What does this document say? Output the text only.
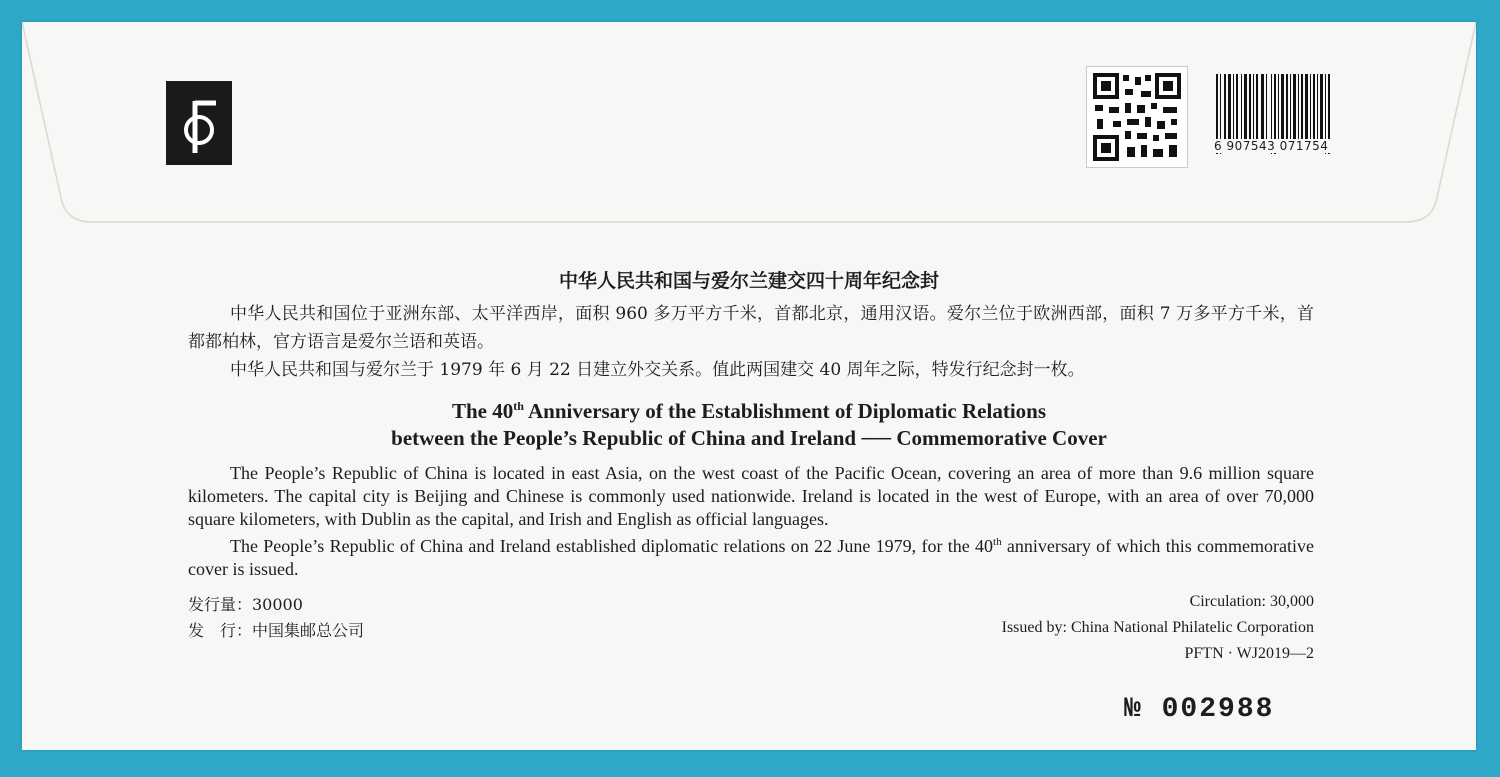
6 907543 071754
中华人民共和国与爱尔兰建交四十周年纪念封
中华人民共和国位于亚洲东部、太平洋西岸，面积 960 多万平方千米，首都北京，通用汉语。爱尔兰位于欧洲西部，面积 7 万多平方千米，首都都柏林，官方语言是爱尔兰语和英语。
中华人民共和国与爱尔兰于 1979 年 6 月 22 日建立外交关系。值此两国建交 40 周年之际，特发行纪念封一枚。
The 40th Anniversary of the Establishment of Diplomatic Relations
between the People’s Republic of China and Ireland ── Commemorative Cover
The People’s Republic of China is located in east Asia, on the west coast of the Pacific Ocean, covering an area of more than 9.6 million square kilometers. The capital city is Beijing and Chinese is commonly used nationwide. Ireland is located in the west of Europe, with an area of over 70,000 square kilometers, with Dublin as the capital, and Irish and English as official languages.
The People’s Republic of China and Ireland established diplomatic relations on 22 June 1979, for the 40th anniversary of which this commemorative cover is issued.
发行量：30000
发　行：中国集邮总公司
Circulation: 30,000
Issued by: China National Philatelic Corporation
PFTN · WJ2019—2
№ 002988
